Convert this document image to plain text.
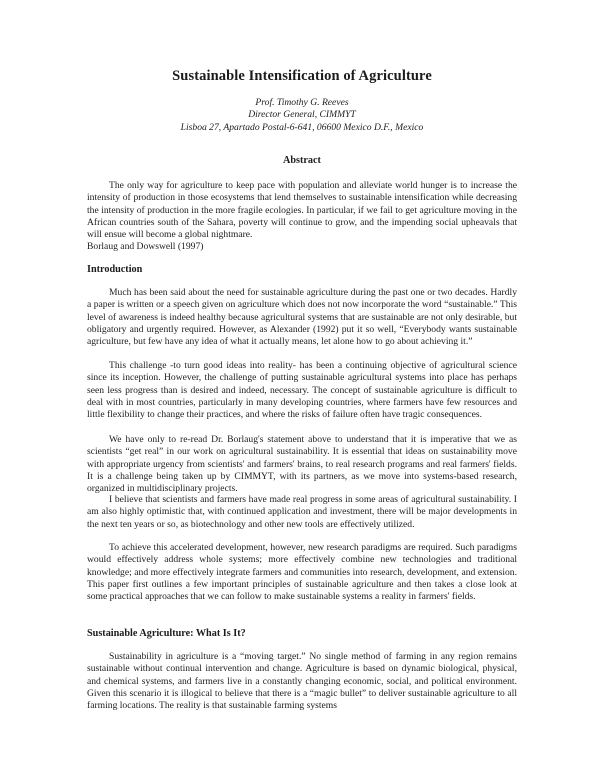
Sustainable Intensification of Agriculture
Prof. Timothy G. Reeves
Director General, CIMMYT
Lisboa 27, Apartado Postal-6-641, 06600 Mexico D.F., Mexico
Abstract

The only way for agriculture to keep pace with population and alleviate world hunger is to increase the intensity of production in those ecosystems that lend themselves to sustainable intensification while decreasing the intensity of production in the more fragile ecologies. In particular, if we fail to get agriculture moving in the African countries south of the Sahara, poverty will continue to grow, and the impending social upheavals that will ensue will become a global nightmare.

Borlaug and Dowswell (1997)

Introduction

Much has been said about the need for sustainable agriculture during the past one or two decades. Hardly a paper is written or a speech given on agriculture which does not now incorporate the word “sustainable.” This level of awareness is indeed healthy because agricultural systems that are sustainable are not only desirable, but obligatory and urgently required. However, as Alexander (1992) put it so well, “Everybody wants sustainable agriculture, but few have any idea of what it actually means, let alone how to go about achieving it.”

This challenge -to turn good ideas into reality- has been a continuing objective of agricultural science since its inception. However, the challenge of putting sustainable agricultural systems into place has perhaps seen less progress than is desired and indeed, necessary. The concept of sustainable agriculture is difficult to deal with in most countries, particularly in many developing countries, where farmers have few resources and little flexibility to change their practices, and where the risks of failure often have tragic consequences.

We have only to re-read Dr. Borlaug's statement above to understand that it is imperative that we as scientists “get real” in our work on agricultural sustainability. It is essential that ideas on sustainability move with appropriate urgency from scientists' and farmers' brains, to real research programs and real farmers' fields. It is a challenge being taken up by CIMMYT, with its partners, as we move into systems-based research, organized in multidisciplinary projects.

I believe that scientists and farmers have made real progress in some areas of agricultural sustainability. I am also highly optimistic that, with continued application and investment, there will be major developments in the next ten years or so, as biotechnology and other new tools are effectively utilized.

To achieve this accelerated development, however, new research paradigms are required. Such paradigms would effectively address whole systems; more effectively combine new technologies and traditional knowledge; and more effectively integrate farmers and communities into research, development, and extension. This paper first outlines a few important principles of sustainable agriculture and then takes a close look at some practical approaches that we can follow to make sustainable systems a reality in farmers' fields.

Sustainable Agriculture: What Is It?

Sustainability in agriculture is a “moving target.” No single method of farming in any region remains sustainable without continual intervention and change. Agriculture is based on dynamic biological, physical, and chemical systems, and farmers live in a constantly changing economic, social, and political environment. Given this scenario it is illogical to believe that there is a “magic bullet” to deliver sustainable agriculture to all farming locations. The reality is that sustainable farming systems
